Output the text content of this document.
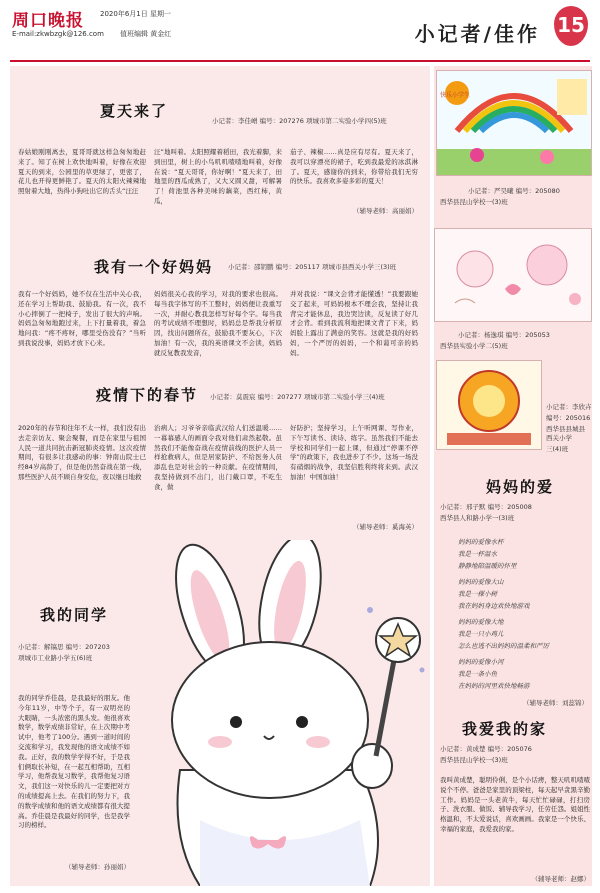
周口晚报 2020年6月1日 星期一
E-mail:zkwbzgk@126.com 值班编辑 黄金红	小记者/佳作 15
夏天来了
小记者：李佳嶒 编号：207276 项城市第二实验小学四(5)班
春姑娘刚刚离去，夏哥哥就这样急匆匆地赶来了。知了在树上欢快地叫着，好像在欢迎夏天的到来，公园里的草更绿了，更密了，花儿也开得更鲜艳了。夏天的太阳火辣辣地照射着大地，热得小狗吐出它的舌头“汪汪
汪”地叫着。太阳照耀着稻田，我光着脚，来到田里，树上的小鸟叽叽喳喳地叫着，好像在说：“夏天哥哥，你好啊！”夏天来了，田地里的西瓜成熟了，又大又圆又甜，可解暑了！荷池里各种美味的藕菜，西红柿，黄瓜，
茄子、辣椒……真是应有尽有。夏天来了，我可以穿漂亮的裙子，吃到我最爱的冰淇淋了。夏天，感谢你的到来，你带给我们无穷的快乐。我喜欢多姿多彩的夏天！
（辅导老师：高丽娟）
我有一个好妈妈 小记者：邵钥鹏 编号：205117 项城市县西关小学三(3)班
我有一个好妈妈，她不仅在生活中关心我，还在学习上帮助我、鼓励我。有一次，我不小心摔倒了一把椅子，发出了很大的声响。妈妈急匆匆地跑过来，上下打量着我，着急地问我：“疼不疼呀，哪里受伤没有？”当听到我说没事，妈妈才放下心来。
妈妈很关心我的学习，对我的要求也很高。每当我字体写的不工整时，妈妈便让我重写一次，并耐心教我怎样写好每个字。每当我的考试成绩不理想时，妈妈总是帮我分析原因，找出问题所在，鼓励我不要灰心，下次加油！有一次，我的英语课文不会读，妈妈就反复教我发音，
并对我说：“课文会背才能懂透！”我要跟她交了起来，可妈妈根本不理会我，坚持让我背完才能休息，我边哭边读，反复读了好几才会背。看到我流利地把课文背了下来，妈妈脸上露出了满意的笑容。这就是我的好妈妈，一个严厉的妈妈，一个和蔼可亲的妈妈。
疫情下的春节 小记者：莫震宸 编号：207277 项城市第二实验小学三(4)班
2020年的春节和往年不太一样，我们没有出去走亲访友、聚会聚餐，而是在家里与祖国人民一道共同抗击新冠肺炎疫情。这次疫情期间，有很多让我感动的事：钟南山院士已经84岁高龄了，但是他仍然奋战在第一线，那些医护人员不顾自身安危，夜以继日地救
治病人；习爷爷亲临武汉给人们送温暖……一幕幕感人的画面令我对他们肃然起敬。虽然我们不能像奋战在疫情前线的医护人员一样抢救病人，但是居家防护、不给医务人员添乱也是对社会的一种贡献。在疫情期间，我坚持做到不出门，出门戴口罩，不吃生食，做
好防护；坚持学习，上午听网课、写作业，下午写读书、读诗、练字。虽然我们不能去学校和同学们一起上课，但通过“停课不停学”的政策下，我也进步了不少。这场一场没有硝烟的战争，我坚信胜利终将来到。武汉加油！中国加油！
（辅导老师：奚海英）
我的同学
小记者：解镐思 编号：207203
项城市工业路小学五(6)班
我的同学乔佳晨，是我最好的朋友。他今年11岁，中等个子，有一双明亮的大眼睛，一头浓密的黑头发。他很喜欢数学，数学成绩非常好，在上次期中考试中，他考了100分。遇到一道时间的交流和学习，我发现他的语文成绩不如我。正好，我的数学学得不好，于是我们俩取长补短，在一起互相帮助，互相学习，他帮我复习数学，我帮他复习语文，我们这一对快乐的儿一定要把对方的成绩提高上去。在我们的努力下，我的数学成绩和他的语文成绩都有很大提高。乔佳晨是我最好的同学，也是我学习的榜样。
（辅导老师：孙丽娟）
快乐小学生
小记者：严昊曦 编号：205080
西华县昆山学校一(3)班
小记者：杨逸琪 编号：205053
西华县实验小学二(5)班
小记者：李欣卉
编号：205016
西华县县城县西关小学
三(4)班
妈妈的爱
小记者：邢子默 编号：205008
西华县人和路小学一(3)班
妈妈的爱像水杯
我是一杯温水
静静地陪温暖的怀里
妈妈的爱像大山
我是一棵小树
我在妈妈身边欢快地游戏
妈妈的爱像大地
我是一只小鸡儿
怎么也逃不出妈妈的温柔和严厉
妈妈的爱像小河
我是一条小鱼
在妈妈的河里欢快地畅游
（辅导老师：刘蕊锦）
我爱我的家
小记者：黄成楚 编号：205076
西华县昆山学校一(3)班
我叫黄成楚，聪明伶俐，是个小话痨，整天叽叽喳喳说个不停。爸爸是家里的顶梁柱，每天起早贪黑辛勤工作。妈妈是一头老黄牛，每天忙忙碌碌，打扫房子、洗衣服、做饭、辅导我学习，任劳任怨。姐姐性格温和，不太爱说话，喜欢画画。我家是一个快乐、幸福的家庭，我爱我的家。
（辅导老师：赵娜）
